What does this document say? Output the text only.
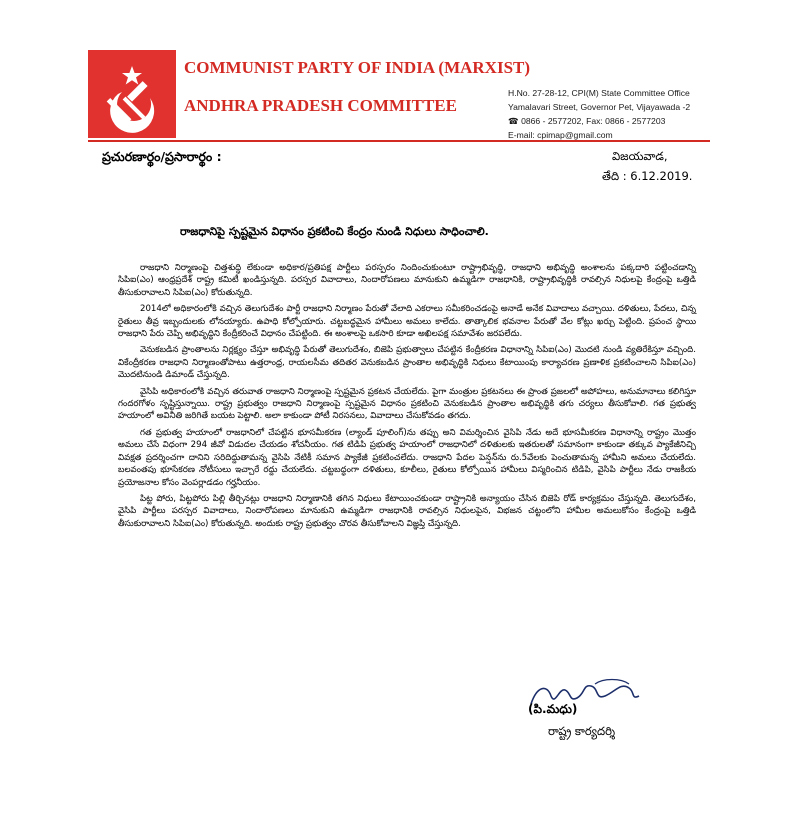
COMMUNIST PARTY OF INDIA (MARXIST)
ANDHRA PRADESH COMMITTEE
H.No. 27-28-12, CPI(M) State Committee Office
Yamalavari Street, Governor Pet, Vijayawada -2
☎ 0866 - 2577202, Fax: 0866 - 2577203
E-mail: cpimap@gmail.com
ప్రచురణార్థం/ప్రసారార్థం :	విజయవాడ,
తేది : 6.12.2019.
రాజధానిపై స్పష్టమైన విధానం ప్రకటించి కేంద్రం నుండి నిధులు సాధించాలి.

రాజధాని నిర్మాణంపై చిత్తశుద్ధి లేకుండా అధికార/ప్రతిపక్ష పార్టీలు పరస్పరం నిందించుకుంటూ రాష్ట్రాభివృద్ధి, రాజధాని అభివృద్ధి అంశాలను పక్కదారి పట్టించడాన్ని సిపిఐ(ఎం) ఆంధ్రప్రదేశ్ రాష్ట్ర కమిటీ ఖండిస్తున్నది. పరస్పర వివాదాలు, నిందారోపణలు మానుకుని ఉమ్మడిగా రాజధానికి, రాష్ట్రాభివృద్ధికి రావల్సిన నిధులపై కేంద్రంపై ఒత్తిడి తీసుకురావాలని సిపిఐ(ఎం) కోరుతున్నది.

2014లో అధికారంలోకి వచ్చిన తెలుగుదేశం పార్టీ రాజధాని నిర్మాణం పేరుతో వేలాది ఎకరాలు సమీకరించడంపై అనాడే అనేక వివాదాలు వచ్చాయి. దళితులు, పేదలు, చిన్న రైతులు తీవ్ర ఇబ్బందులకు లోనయ్యారు. ఉపాధి కోల్పోయారు. చట్టబద్ధమైన హామీలు అమలు కాలేదు. తాత్కాలిక భవనాల పేరుతో వేల కోట్లు ఖర్చు పెట్టింది. ప్రపంచ స్థాయి రాజధాని పేరు చెప్పి అభివృద్ధిని కేంద్రీకరించే విధానం చేపట్టింది. ఈ అంశాలపై ఒకసారి కూడా అఖిలపక్ష సమావేశం జరపలేదు.

వెనుకబడిన ప్రాంతాలను నిర్లక్ష్యం చేస్తూ అభివృద్ధి పేరుతో తెలుగుదేశం, బిజెపి ప్రభుత్వాలు చేపట్టిన కేంద్రీకరణ విధానాన్ని సిపిఐ(ఎం) మొదటి నుండి వ్యతిరేకిస్తూ వచ్చింది. వికేంద్రీకరణ రాజధాని నిర్మాణంతోపాటు ఉత్తరాంధ్ర, రాయలసీమ తదితర వెనుకబడిన ప్రాంతాల అభివృద్ధికి నిధులు కేటాయింపు కార్యాచరణ ప్రణాళిక ప్రకటించాలని సిపిఐ(ఎం) మొదటినుండి డిమాండ్ చేస్తున్నది.

వైసిపి అధికారంలోకి వచ్చిన తరువాత రాజధాని నిర్మాణంపై స్పష్టమైన ప్రకటన చేయలేదు. పైగా మంత్రుల ప్రకటనలు ఈ ప్రాంత ప్రజలలో అపోహలు, అనుమానాలు కలిగిస్తూ గందరగోళం సృష్టిస్తున్నాయి. రాష్ట్ర ప్రభుత్వం రాజధాని నిర్మాణంపై స్పష్టమైన విధానం ప్రకటించి వెనుకబడిన ప్రాంతాల అభివృద్ధికి తగు చర్యలు తీసుకోవాలి. గత ప్రభుత్వ హయాంలో అవినీతి జరిగితే బయట పెట్టాలి. అలా కాకుండా పోటీ నిరసనలు, వివాదాలు చేసుకోవడం తగదు.

గత ప్రభుత్వ హయాంలో రాజధానిలో చేపట్టిన భూసమీకరణ (ల్యాండ్ పూలింగ్)ను తప్పు అని విమర్శించిన వైసిపి నేడు అదే భూసమీకరణ విధానాన్ని రాష్ట్రం మొత్తం అమలు చేసే విధంగా 294 జీవో విడుదల చేయడం శోచనీయం. గత టిడిపి ప్రభుత్వ హయాంలో రాజధానిలో దళితులకు ఇతరులతో సమానంగా కాకుండా తక్కువ ప్యాకేజీనిచ్చి వివక్షత ప్రదర్శించగా దానిని సరిదిద్దుతామన్న వైసిపి నేటికీ సమాన ప్యాకేజీ ప్రకటించలేదు. రాజధాని పేదల పెన్షన్‌ను రు.5వేలకు పెంచుతామన్న హామీని అమలు చేయలేదు. బలవంతపు భూసేకరణ నోటీసులు ఇచ్చారే రద్దు చేయలేదు. చట్టబద్ధంగా దళితులు, కూలీలు, రైతులు కోల్పోయిన హామీలు విస్మరించిన టిడిపి, వైసిపి పార్టీలు నేడు రాజకీయ ప్రయోజనాల కోసం వెంపర్లాడడం గర్హనీయం.

పిట్ట పోరు, పిట్టపోరు పిల్లి తీర్చినట్లు రాజధాని నిర్మాణానికి తగిన నిధులు కేటాయించకుండా రాష్ట్రానికి అన్యాయం చేసిన బిజెపి రోడ్ కార్యక్రమం చేస్తున్నది. తెలుగుదేశం, వైసిపి పార్టీలు పరస్పర వివాదాలు, నిందారోపణలు మానుకుని ఉమ్మడిగా రాజధానికి రావల్సిన నిధులపైన, విభజన చట్టంలోని హామీల అమలుకోసం కేంద్రంపై ఒత్తిడి తీసుకురావాలని సిపిఐ(ఎం) కోరుతున్నది. అందుకు రాష్ట్ర ప్రభుత్వం చొరవ తీసుకోవాలని విజ్ఞప్తి చేస్తున్నది.

(పి.మధు)
రాష్ట్ర కార్యదర్శి
